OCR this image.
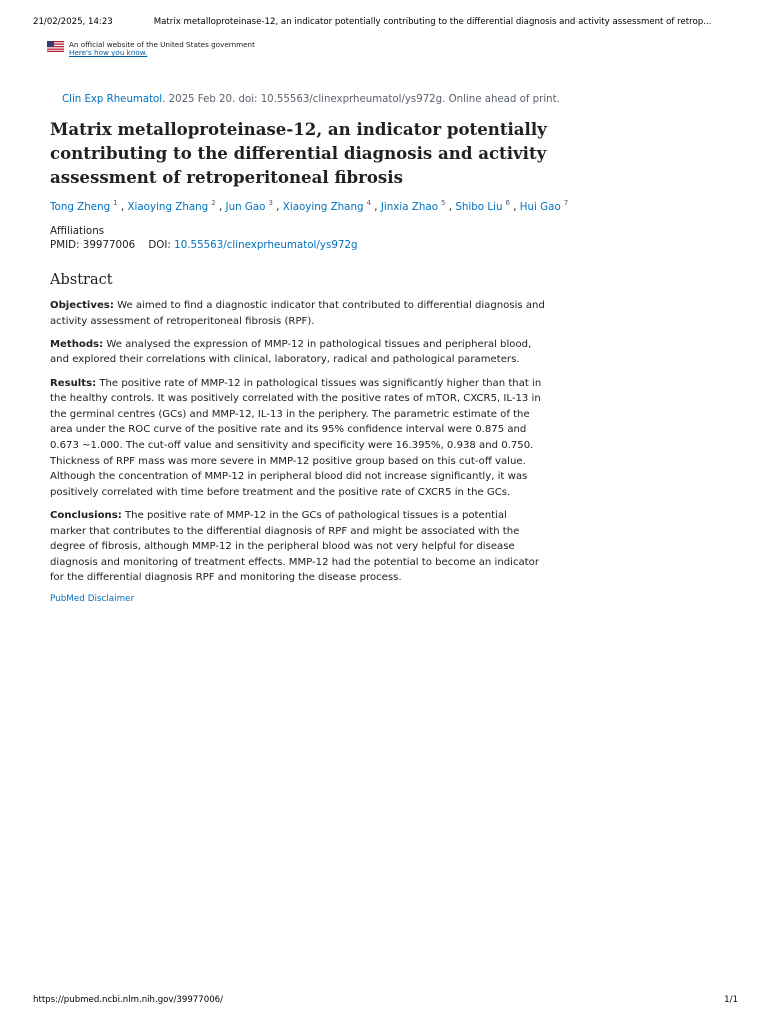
21/02/2025, 14:23	Matrix metalloproteinase-12, an indicator potentially contributing to the differential diagnosis and activity assessment of retrop...
An official website of the United States government
Here's how you know.
Clin Exp Rheumatol. 2025 Feb 20. doi: 10.55563/clinexprheumatol/ys972g. Online ahead of print.
Matrix metalloproteinase-12, an indicator potentially contributing to the differential diagnosis and activity assessment of retroperitoneal fibrosis
Tong Zheng $^1$ , Xiaoying Zhang $^2$ , Jun Gao $^3$ , Xiaoying Zhang $^4$ , Jinxia Zhao $^5$ , Shibo Liu $^6$ , Hui Gao $^7$
Affiliations
PMID: 39977006 DOI: 10.55563/clinexprheumatol/ys972g
Abstract

Objectives: We aimed to find a diagnostic indicator that contributed to differential diagnosis and activity assessment of retroperitoneal fibrosis (RPF).

Methods: We analysed the expression of MMP-12 in pathological tissues and peripheral blood, and explored their correlations with clinical, laboratory, radical and pathological parameters.

Results: The positive rate of MMP-12 in pathological tissues was significantly higher than that in the healthy controls. It was positively correlated with the positive rates of mTOR, CXCR5, IL-13 in the germinal centres (GCs) and MMP-12, IL-13 in the periphery. The parametric estimate of the area under the ROC curve of the positive rate and its 95% confidence interval were 0.875 and 0.673 ~1.000. The cut-off value and sensitivity and specificity were 16.395%, 0.938 and 0.750. Thickness of RPF mass was more severe in MMP-12 positive group based on this cut-off value. Although the concentration of MMP-12 in peripheral blood did not increase significantly, it was positively correlated with time before treatment and the positive rate of CXCR5 in the GCs.

Conclusions: The positive rate of MMP-12 in the GCs of pathological tissues is a potential marker that contributes to the differential diagnosis of RPF and might be associated with the degree of fibrosis, although MMP-12 in the peripheral blood was not very helpful for disease diagnosis and monitoring of treatment effects. MMP-12 had the potential to become an indicator for the differential diagnosis RPF and monitoring the disease process.

PubMed Disclaimer
https://pubmed.ncbi.nlm.nih.gov/39977006/	1/1
